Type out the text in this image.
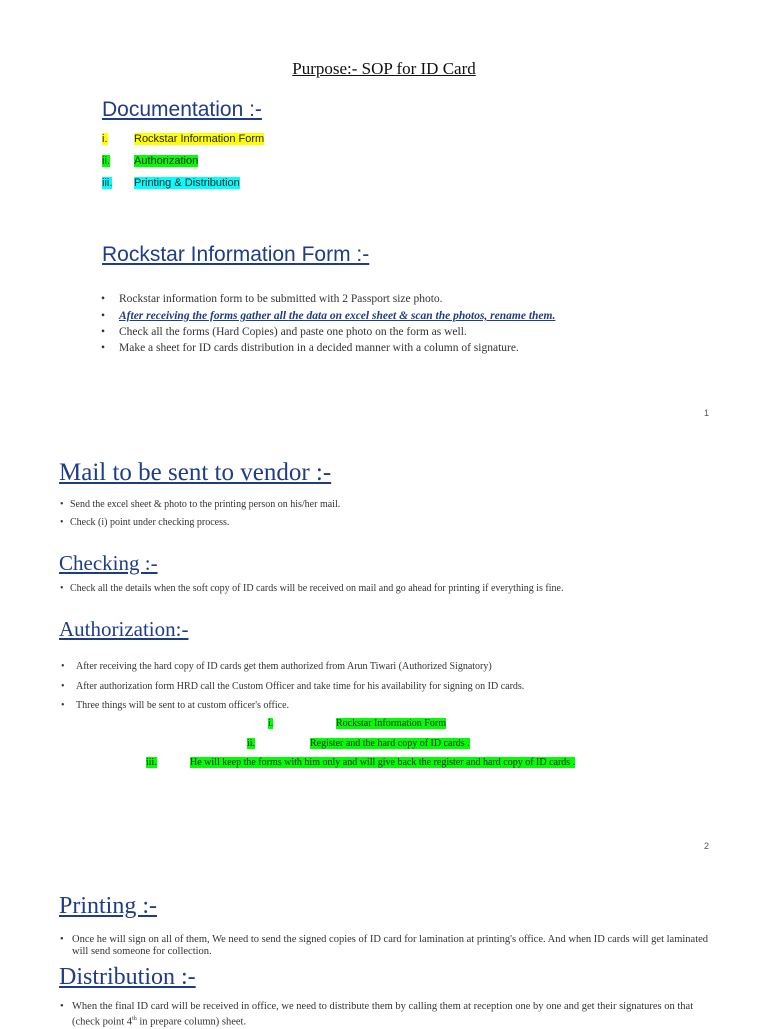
Purpose:- SOP for ID Card
Documentation :-
i. Rockstar Information Form
ii. Authorization
iii. Printing & Distribution
Rockstar Information Form :-
• Rockstar information form to be submitted with 2 Passport size photo.
• After receiving the forms gather all the data on excel sheet & scan the photos, rename them.
• Check all the forms (Hard Copies) and paste one photo on the form as well.
• Make a sheet for ID cards distribution in a decided manner with a column of signature.
1
Mail to be sent to vendor :-
• Send the excel sheet & photo to the printing person on his/her mail.
• Check (i) point under checking process.
Checking :-
• Check all the details when the soft copy of ID cards will be received on mail and go ahead for printing if everything is fine.
Authorization:-
• After receiving the hard copy of ID cards get them authorized from Arun Tiwari (Authorized Signatory)
• After authorization form HRD call the Custom Officer and take time for his availability for signing on ID cards.
• Three things will be sent to at custom officer's office.
i.	Rockstar Information Form
ii.	Register and the hard copy of ID cards .
iii.	He will keep the forms with him only and will give back the register and hard copy of ID cards .
2
Printing :-
• Once he will sign on all of them, We need to send the signed copies of ID card for lamination at printing's office. And when ID cards will get laminated will send someone for collection.
Distribution :-
• When the final ID card will be received in office, we need to distribute them by calling them at reception one by one and get their signatures on that (check point 4th in prepare column) sheet.
